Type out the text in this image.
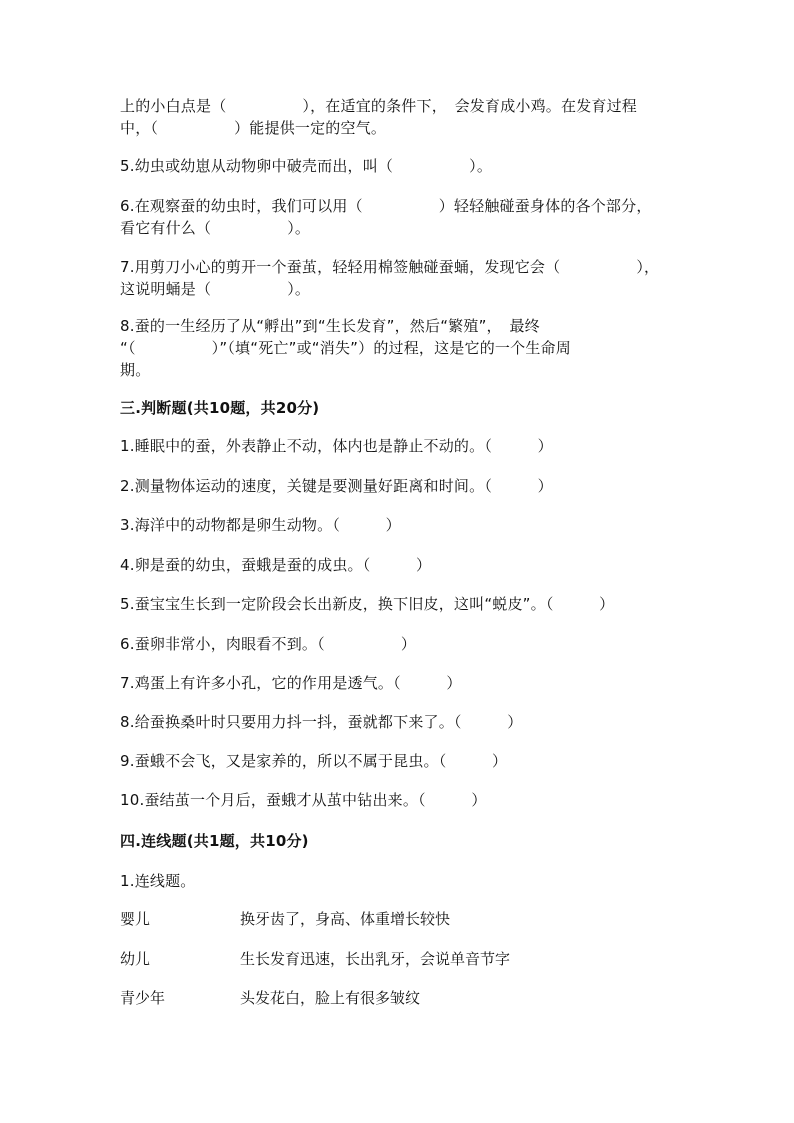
上的小白点是（　　　　　），在适宜的条件下，　会发育成小鸡。在发育过程
中，（　　　　　）能提供一定的空气。
5.幼虫或幼崽从动物卵中破壳而出，叫（　　　　　）。
6.在观察蚕的幼虫时，我们可以用（　　　　　）轻轻触碰蚕身体的各个部分，
看它有什么（　　　　　）。
7.用剪刀小心的剪开一个蚕茧，轻轻用棉签触碰蚕蛹，发现它会（　　　　　），
这说明蛹是（　　　　　）。
8.蚕的一生经历了从“孵出”到“生长发育”，然后“繁殖”，　最终
“（　　　　　）”（填“死亡”或“消失”）的过程，这是它的一个生命周
期。
三.判断题(共10题，共20分)
1.睡眠中的蚕，外表静止不动，体内也是静止不动的。（　　　）
2.测量物体运动的速度，关键是要测量好距离和时间。（　　　）
3.海洋中的动物都是卵生动物。（　　　）
4.卵是蚕的幼虫，蚕蛾是蚕的成虫。（　　　）
5.蚕宝宝生长到一定阶段会长出新皮，换下旧皮，这叫“蜕皮”。（　　　）
6.蚕卵非常小，肉眼看不到。（　　　　　）
7.鸡蛋上有许多小孔，它的作用是透气。（　　　）
8.给蚕换桑叶时只要用力抖一抖，蚕就都下来了。（　　　）
9.蚕蛾不会飞，又是家养的，所以不属于昆虫。（　　　）
10.蚕结茧一个月后，蚕蛾才从茧中钻出来。（　　　）
四.连线题(共1题，共10分)
1.连线题。
婴儿	换牙齿了，身高、体重增长较快
幼儿	生长发育迅速，长出乳牙，会说单音节字
青少年	头发花白，脸上有很多皱纹
